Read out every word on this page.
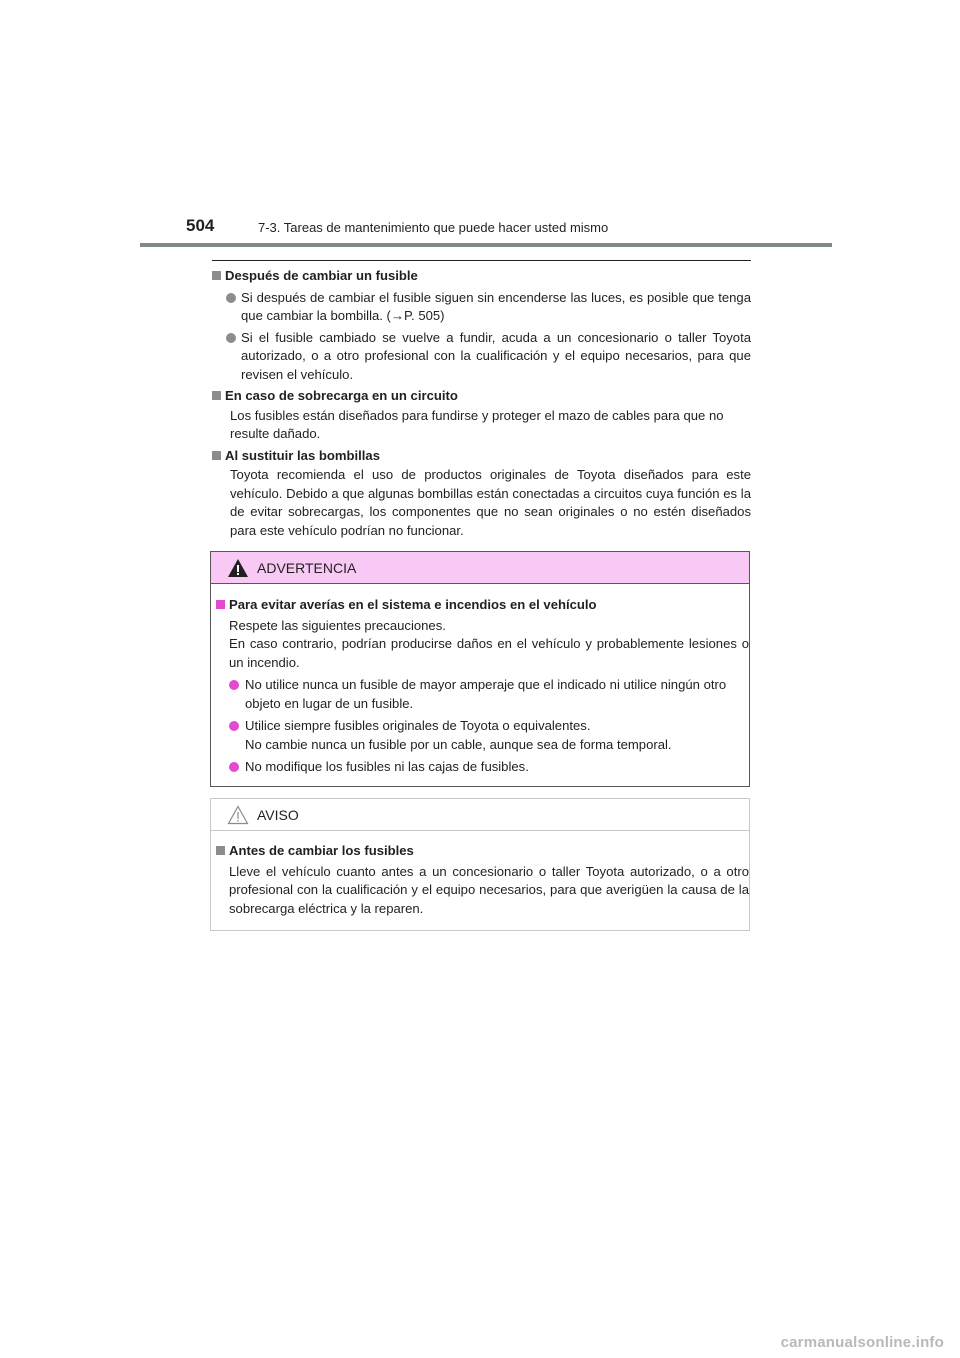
504	7-3. Tareas de mantenimiento que puede hacer usted mismo
Después de cambiar un fusible
Si después de cambiar el fusible siguen sin encenderse las luces, es posible que tenga que cambiar la bombilla. (→P. 505)
Si el fusible cambiado se vuelve a fundir, acuda a un concesionario o taller Toyota autorizado, o a otro profesional con la cualificación y el equipo necesarios, para que revisen el vehículo.
En caso de sobrecarga en un circuito
Los fusibles están diseñados para fundirse y proteger el mazo de cables para que no resulte dañado.
Al sustituir las bombillas
Toyota recomienda el uso de productos originales de Toyota diseñados para este vehículo. Debido a que algunas bombillas están conectadas a circuitos cuya función es la de evitar sobrecargas, los componentes que no sean originales o no estén diseñados para este vehículo podrían no funcionar.
ADVERTENCIA
Para evitar averías en el sistema e incendios en el vehículo
Respete las siguientes precauciones.
En caso contrario, podrían producirse daños en el vehículo y probablemente lesiones o un incendio.
No utilice nunca un fusible de mayor amperaje que el indicado ni utilice ningún otro objeto en lugar de un fusible.
Utilice siempre fusibles originales de Toyota o equivalentes.
No cambie nunca un fusible por un cable, aunque sea de forma temporal.
No modifique los fusibles ni las cajas de fusibles.
AVISO
Antes de cambiar los fusibles
Lleve el vehículo cuanto antes a un concesionario o taller Toyota autorizado, o a otro profesional con la cualificación y el equipo necesarios, para que averigüen la causa de la sobrecarga eléctrica y la reparen.
carmanualsonline.info
